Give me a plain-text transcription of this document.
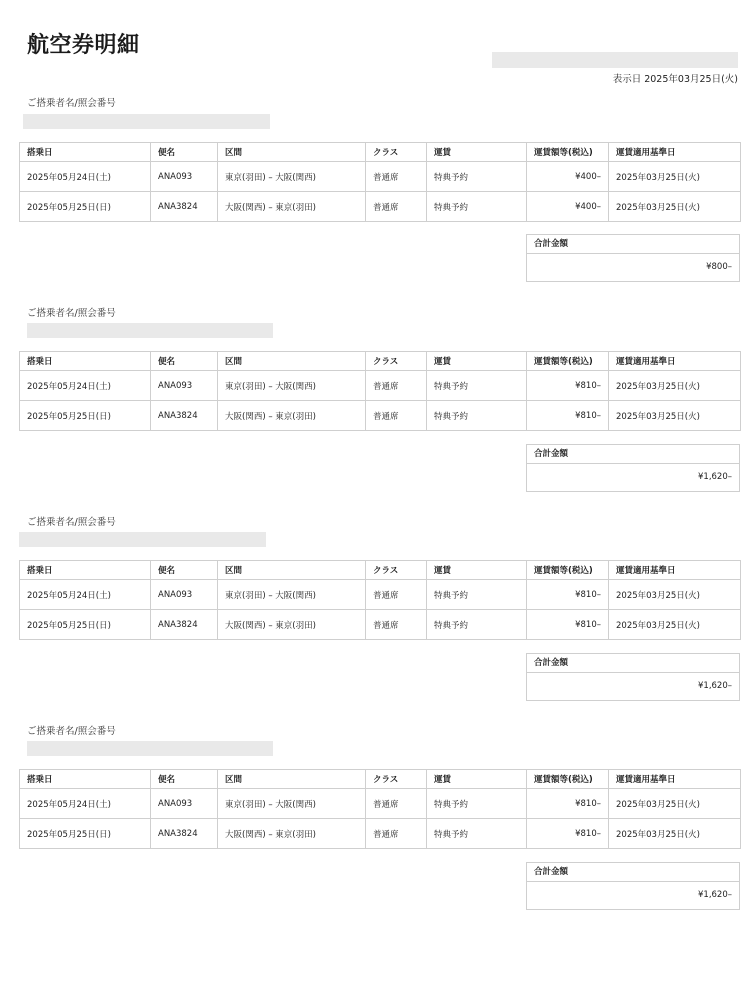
航空券明細
表示日 2025年03月25日(火)
ご搭乗者名/照会番号
搭乗日	便名	区間	クラス	運賃	運賃額等(税込)	運賃適用基準日
2025年05月24日(土)	ANA093	東京(羽田) – 大阪(関西)	普通席	特典予約	¥400–	2025年03月25日(火)
2025年05月25日(日)	ANA3824	大阪(関西) – 東京(羽田)	普通席	特典予約	¥400–	2025年03月25日(火)
合計金額
¥800–
ご搭乗者名/照会番号
搭乗日	便名	区間	クラス	運賃	運賃額等(税込)	運賃適用基準日
2025年05月24日(土)	ANA093	東京(羽田) – 大阪(関西)	普通席	特典予約	¥810–	2025年03月25日(火)
2025年05月25日(日)	ANA3824	大阪(関西) – 東京(羽田)	普通席	特典予約	¥810–	2025年03月25日(火)
合計金額
¥1,620–
ご搭乗者名/照会番号
搭乗日	便名	区間	クラス	運賃	運賃額等(税込)	運賃適用基準日
2025年05月24日(土)	ANA093	東京(羽田) – 大阪(関西)	普通席	特典予約	¥810–	2025年03月25日(火)
2025年05月25日(日)	ANA3824	大阪(関西) – 東京(羽田)	普通席	特典予約	¥810–	2025年03月25日(火)
合計金額
¥1,620–
ご搭乗者名/照会番号
搭乗日	便名	区間	クラス	運賃	運賃額等(税込)	運賃適用基準日
2025年05月24日(土)	ANA093	東京(羽田) – 大阪(関西)	普通席	特典予約	¥810–	2025年03月25日(火)
2025年05月25日(日)	ANA3824	大阪(関西) – 東京(羽田)	普通席	特典予約	¥810–	2025年03月25日(火)
合計金額
¥1,620–
